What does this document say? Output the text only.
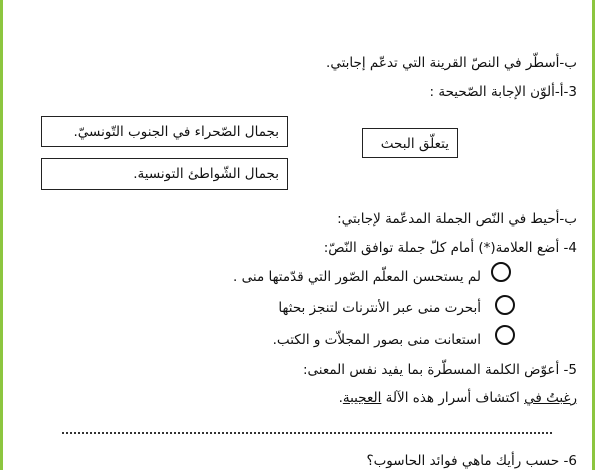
ب-أسطّر في النصّ القرينة التي تدعّم إجابتي.
3-أ-ألوّن الإجابة الصّحيحة :
بجمال الصّحراء في الجنوب التّونسيّ.
يتعلّق البحث
بجمال الشّواطئ التونسية.
ب-أحيط في النّص الجملة المدعّمة لإجابتي:
4- أضع العلامة(*) أمام كلّ جملة توافق النّصّ:
لم يستحسن المعلّم الصّور التي قدّمتها منى .
أبحرت منى عبر الأنترنات لتنجز بحثها
استعانت منى بصور المجلاّت و الكتب.
5- أعوّض الكلمة المسطّرة بما يفيد نفس المعنى:
رغبتُ في اكتشاف أسرار هذه الآلة العجيبة.
6- حسب رأيك ماهي فوائد الحاسوب؟
